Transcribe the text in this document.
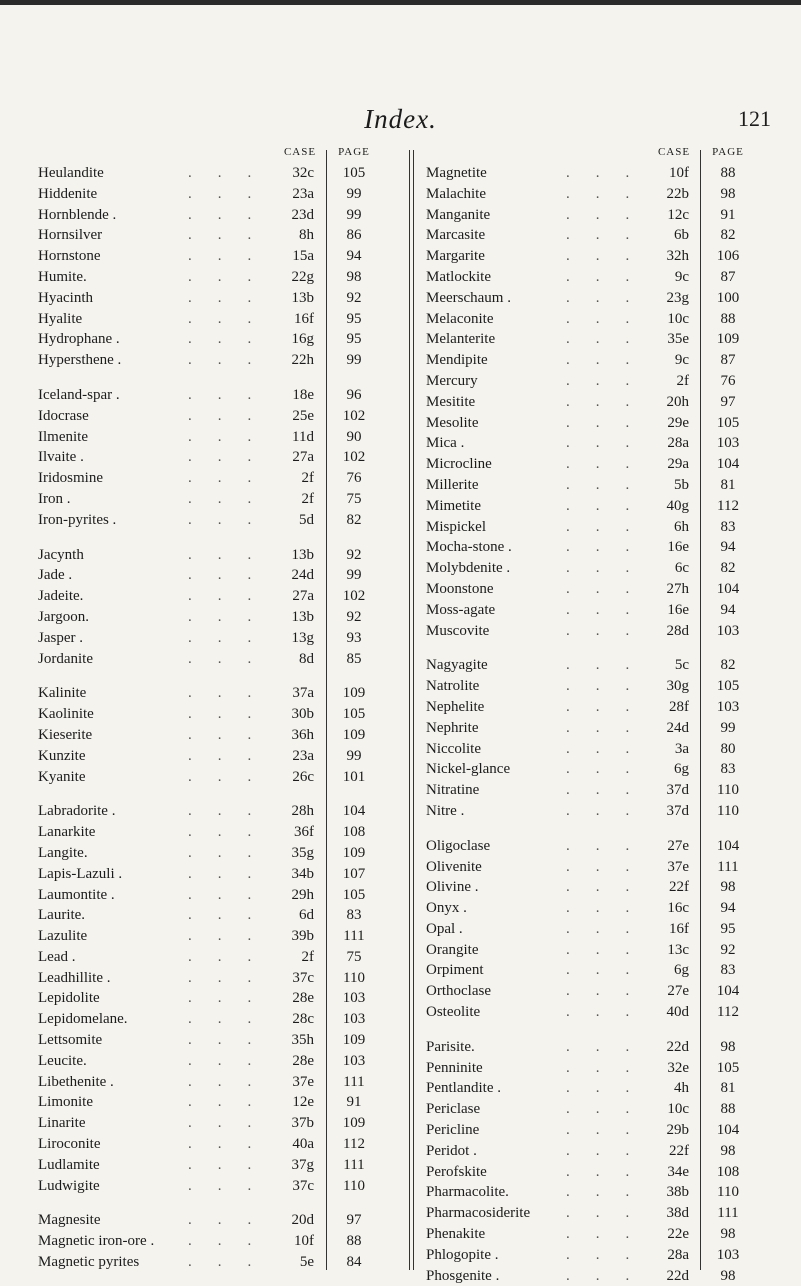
Index.	121
CASE	PAGE
Heulandite	...	32c	105
Hiddenite	...	23a	99
Hornblende .	... 23d	99
Hornsilver	...	8h	86
Hornstone	...	15a	94
Humite.	... 22g	98
Hyacinth	... 13b	92
Hyalite	...	16f	95
Hydrophane .	... 16g	95
Hypersthene .	... 22h	99
Iceland-spar .	...	18e	96
Idocrase	...	25e	102
Ilmenite	... 11d	90
Ilvaite .	...	27a	102
Iridosmine	...	2f	76
Iron .	...	2f	75
Iron-pyrites .	...	5d	82
Jacynth	... 13b	92
Jade .	... 24d	99
Jadeite.	...	27a	102
Jargoon.	... 13b	92
Jasper .	... 13g	93
Jordanite	...	8d	85
Kalinite	...	37a	109
Kaolinite	... 30b	105
Kieserite	... 36h	109
Kunzite	...	23a	99
Kyanite	...	26c	101
Labradorite .	... 28h	104
Lanarkite	...	36f	108
Langite.	... 35g	109
Lapis-Lazuli .	... 34b	107
Laumontite .	... 29h	105
Laurite.	...	6d	83
Lazulite	... 39b	111
Lead .	...	2f	75
Leadhillite .	...	37c	110
Lepidolite	...	28e	103
Lepidomelane.	...	28c	103
Lettsomite	... 35h	109
Leucite.	...	28e	103
Libethenite .	...	37e	111
Limonite	...	12e	91
Linarite	... 37b	109
Liroconite	...	40a	112
Ludlamite	... 37g	111
Ludwigite	...	37c	110
Magnesite	... 20d	97
Magnetic iron-ore . ...	10f	88
Magnetic pyrites	...	5e	84
CASE	PAGE
Magnetite	... 10f	88
Malachite	... 22b	98
Manganite	... 12c	91
Marcasite	...	6b	82
Margarite	... 32h	106
Matlockite	...	9c	87
Meerschaum .	... 23g	100
Melaconite	... 10c	88
Melanterite	... 35e	109
Mendipite	...	9c	87
Mercury	...	2f	76
Mesitite	... 20h	97
Mesolite	... 29e	105
Mica .	... 28a	103
Microcline	... 29a	104
Millerite	...	5b	81
Mimetite	... 40g	112
Mispickel	...	6h	83
Mocha-stone .	... 16e	94
Molybdenite .	...	6c	82
Moonstone	... 27h	104
Moss-agate	... 16e	94
Muscovite	... 28d	103
Nagyagite	...	5c	82
Natrolite	... 30g	105
Nephelite	... 28f	103
Nephrite	... 24d	99
Niccolite	...	3a	80
Nickel-glance	...	6g	83
Nitratine	... 37d	110
Nitre .	... 37d	110
Oligoclase	... 27e	104
Olivenite	... 37e	111
Olivine .	... 22f	98
Onyx .	... 16c	94
Opal .	... 16f	95
Orangite	... 13c	92
Orpiment	...	6g	83
Orthoclase	... 27e	104
Osteolite	... 40d	112
Parisite.	... 22d	98
Penninite	... 32e	105
Pentlandite .	...	4h	81
Periclase	... 10c	88
Pericline	... 29b	104
Peridot .	... 22f	98
Perofskite	... 34e	108
Pharmacolite.	... 38b	110
Pharmacosiderite ... 38d	111
Phenakite	... 22e	98
Phlogopite .	... 28a	103
Phosgenite .	... 22d	98
